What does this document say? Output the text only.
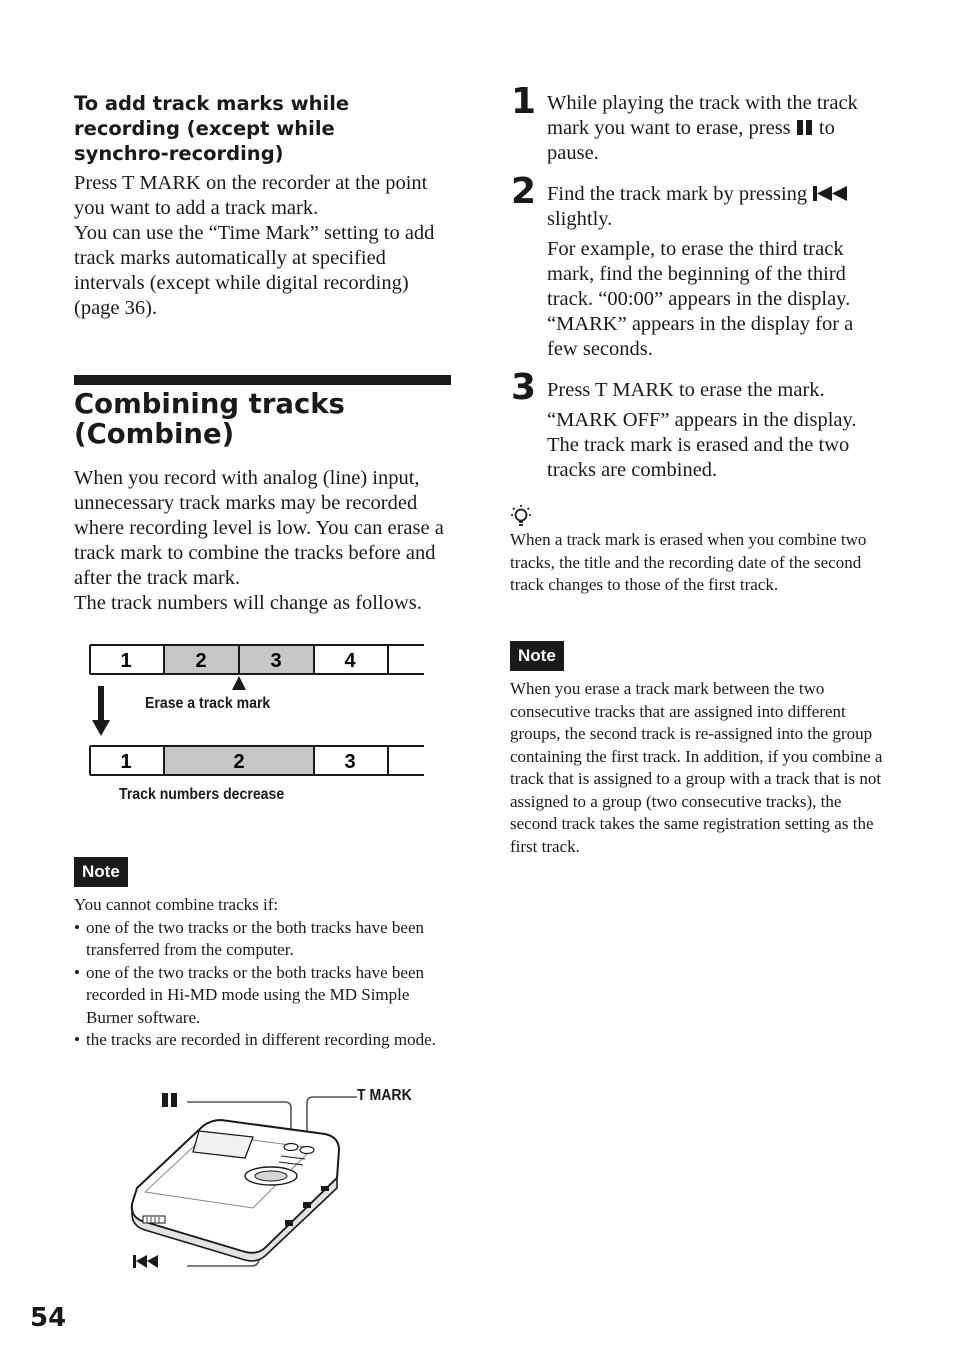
To add track marks while recording (except while synchro-recording)

Press T MARK on the recorder at the point you want to add a track mark.

You can use the “Time Mark” setting to add track marks automatically at specified intervals (except while digital recording) (page 36).

Combining tracks (Combine)

When you record with analog (line) input, unnecessary track marks may be recorded where recording level is low. You can erase a track mark to combine the tracks before and after the track mark.

The track numbers will change as follows.

1	2	3	4
1	2	3
Erase a track mark
Track numbers decrease
Note

You cannot combine tracks if:

• one of the two tracks or the both tracks have been transferred from the computer.

• one of the two tracks or the both tracks have been recorded in Hi-MD mode using the MD Simple Burner software.

• the tracks are recorded in different recording mode.

T MARK
1 While playing the track with the track mark you want to erase, press to pause.
2 Find the track mark by pressing  slightly.
For example, to erase the third track mark, find the beginning of the third track. “00:00” appears in the display. “MARK” appears in the display for a few seconds.
3 Press T MARK to erase the mark.
“MARK OFF” appears in the display. The track mark is erased and the two tracks are combined.
When a track mark is erased when you combine two tracks, the title and the recording date of the second track changes to those of the first track.
Note
When you erase a track mark between the two consecutive tracks that are assigned into different groups, the second track is re-assigned into the group containing the first track. In addition, if you combine a track that is assigned to a group with a track that is not assigned to a group (two consecutive tracks), the second track takes the same registration setting as the first track.
54
